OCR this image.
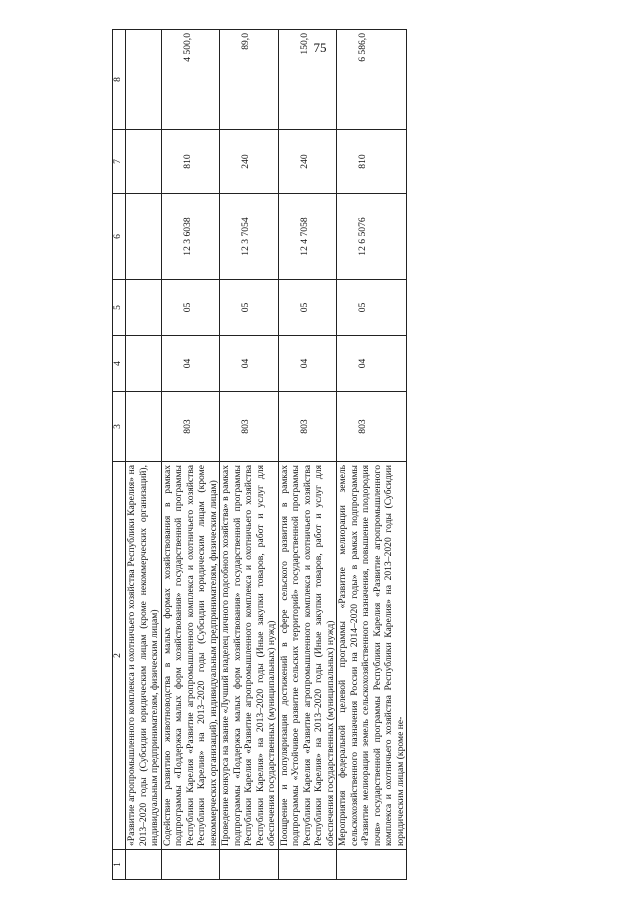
75
1	2	3	4	5	6	7	8
	«Развитие агропромышленного комплекса и охотничьего хозяйства Республики Карелия» на 2013–2020 годы (Субсидии юридическим лицам (кроме некоммерческих организаций), индивидуальным предпринимателям, физическим лицам)						
	Содействие развитию животноводства в малых формах хозяйствования в рамках подпрограммы «Поддержка малых форм хозяйствования» государственной программы Республики Карелия «Развитие агропромышленного комплекса и охотничьего хозяйства Республики Карелия» на 2013–2020 годы (Субсидии юридическим лицам (кроме некоммерческих организаций), индивидуальным предпринимателям, физическим лицам)	803	04	05	12 3 6038	810	4 500,0
	Проведение конкурса на звание «Лучший владелец личного подсобного хозяйства» в рамках подпрограммы «Поддержка малых форм хозяйствования» государственной программы Республики Карелия «Развитие агропромышленного комплекса и охотничьего хозяйства Республики Карелия» на 2013–2020 годы (Иные закупки товаров, работ и услуг для обеспечения государственных (муниципальных) нужд)	803	04	05	12 3 7054	240	89,0
	Поощрение и популяризация достижений в сфере сельского развития в рамках подпрограммы «Устойчивое развитие сельских территорий» государственной программы Республики Карелия «Развитие агропромышленного комплекса и охотничьего хозяйства Республики Карелия» на 2013–2020 годы (Иные закупки товаров, работ и услуг для обеспечения государственных (муниципальных) нужд)	803	04	05	12 4 7058	240	150,0
	Мероприятия федеральной целевой программы «Развитие мелиорации земель сельскохозяйственного назначения России на 2014–2020 годы» в рамках подпрограммы «Развитие мелиорации земель сельскохозяйственного назначения, повышение плодородия почв» государственной программы Республики Карелия «Развитие агропромышленного комплекса и охотничьего хозяйства Республики Карелия» на 2013–2020 годы (Субсидии юридическим лицам (кроме не-	803	04	05	12 6 5076	810	6 586,0
